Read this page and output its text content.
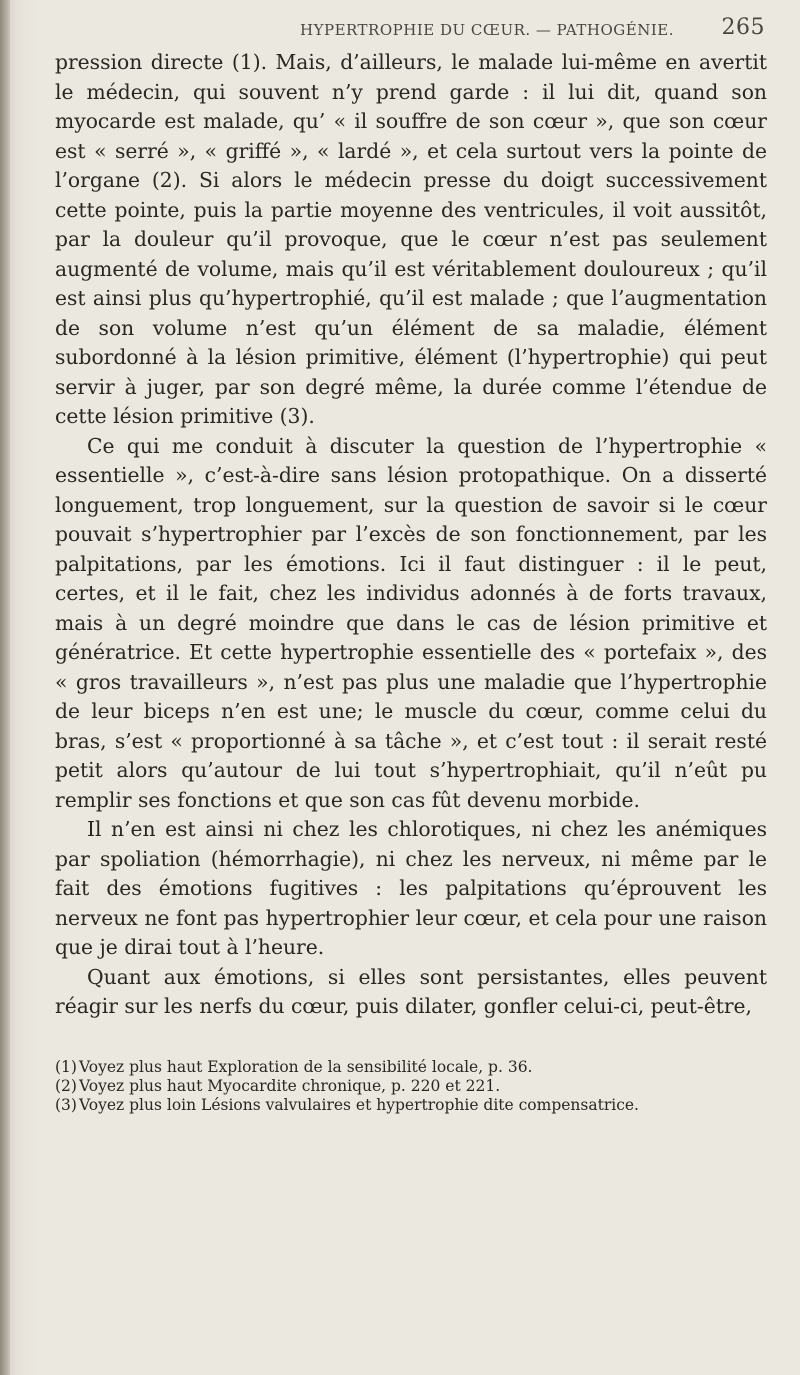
HYPERTROPHIE DU CŒUR. — PATHOGÉNIE. 265

pression directe (1). Mais, d’ailleurs, le malade lui-même en avertit le médecin, qui souvent n’y prend garde : il lui dit, quand son myocarde est malade, qu’ « il souffre de son cœur », que son cœur est « serré », « griffé », « lardé », et cela surtout vers la pointe de l’organe (2). Si alors le médecin presse du doigt successivement cette pointe, puis la partie moyenne des ventricules, il voit aussitôt, par la douleur qu’il provoque, que le cœur n’est pas seulement augmenté de volume, mais qu’il est véritablement douloureux ; qu’il est ainsi plus qu’hypertrophié, qu’il est malade ; que l’augmentation de son volume n’est qu’un élément de sa maladie, élément subordonné à la lésion primitive, élément (l’hypertrophie) qui peut servir à juger, par son degré même, la durée comme l’étendue de cette lésion primitive (3).

Ce qui me conduit à discuter la question de l’hypertrophie « essentielle », c’est-à-dire sans lésion protopathique. On a disserté longuement, trop longuement, sur la question de savoir si le cœur pouvait s’hypertrophier par l’excès de son fonctionnement, par les palpitations, par les émotions. Ici il faut distinguer : il le peut, certes, et il le fait, chez les individus adonnés à de forts travaux, mais à un degré moindre que dans le cas de lésion primitive et génératrice. Et cette hypertrophie essentielle des « portefaix », des « gros travailleurs », n’est pas plus une maladie que l’hypertrophie de leur biceps n’en est une; le muscle du cœur, comme celui du bras, s’est « proportionné à sa tâche », et c’est tout : il serait resté petit alors qu’autour de lui tout s’hypertrophiait, qu’il n’eût pu remplir ses fonctions et que son cas fût devenu morbide.

Il n’en est ainsi ni chez les chlorotiques, ni chez les anémiques par spoliation (hémorrhagie), ni chez les nerveux, ni même par le fait des émotions fugitives : les palpitations qu’éprouvent les nerveux ne font pas hypertrophier leur cœur, et cela pour une raison que je dirai tout à l’heure.

Quant aux émotions, si elles sont persistantes, elles peuvent réagir sur les nerfs du cœur, puis dilater, gonfler celui-ci, peut-être,

(1) Voyez plus haut Exploration de la sensibilité locale, p. 36.
(2) Voyez plus haut Myocardite chronique, p. 220 et 221.
(3) Voyez plus loin Lésions valvulaires et hypertrophie dite compensatrice.
